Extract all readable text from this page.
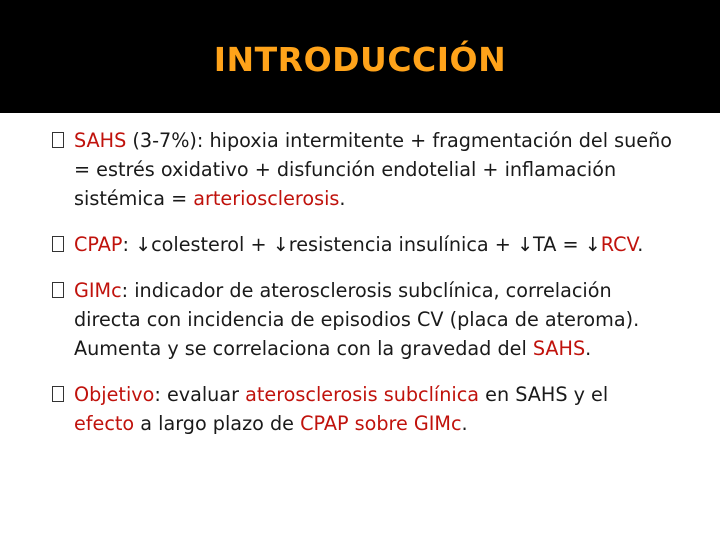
INTRODUCCIÓN
SAHS (3-7%): hipoxia intermitente + fragmentación del sueño = estrés oxidativo + disfunción endotelial + inflamación sistémica = arteriosclerosis.
CPAP: ↓colesterol + ↓resistencia insulínica + ↓TA = ↓RCV.
GIMc: indicador de aterosclerosis subclínica, correlación directa con incidencia de episodios CV (placa de ateroma). Aumenta y se correlaciona con la gravedad del SAHS.
Objetivo: evaluar aterosclerosis subclínica en SAHS y el efecto a largo plazo de CPAP sobre GIMc.
